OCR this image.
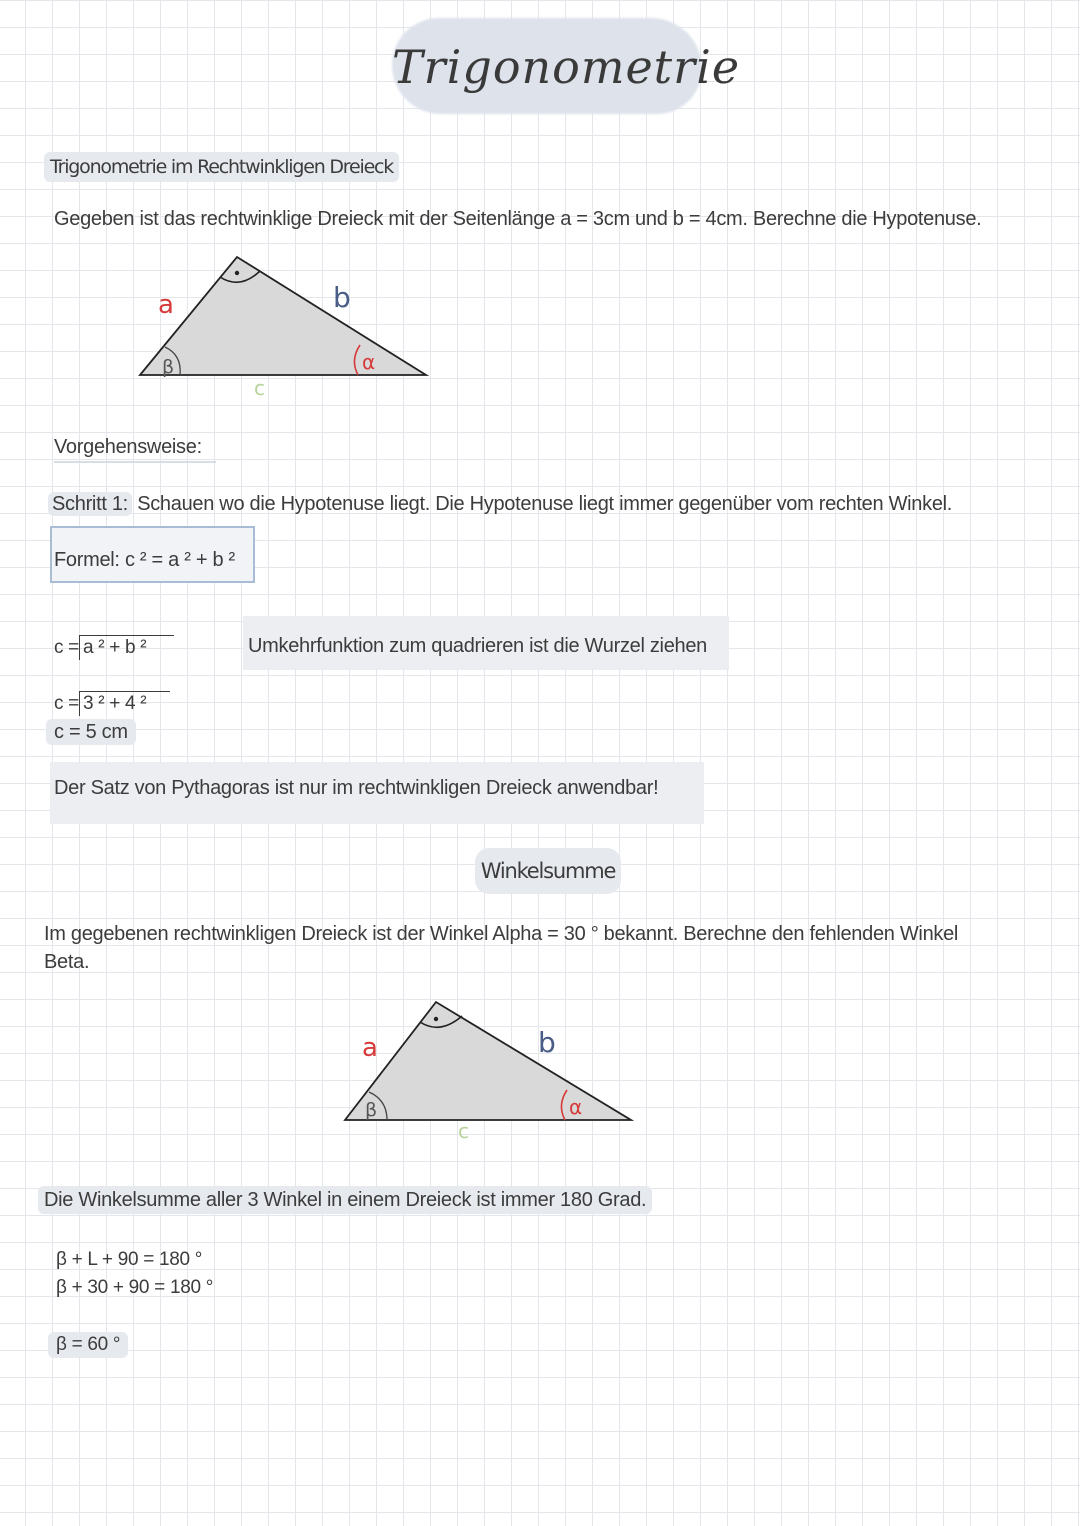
Trigonometrie
Trigonometrie im Rechtwinkligen Dreieck
Gegeben ist das rechtwinklige Dreieck mit der Seitenlänge a = 3cm und b = 4cm. Berechne die Hypotenuse.
a	b
β	α
c
Vorgehensweise:
Schritt 1: Schauen wo die Hypotenuse liegt. Die Hypotenuse liegt immer gegenüber vom rechten Winkel.
Formel: c ² = a ² + b ²
c = a ² + b ²	Umkehrfunktion zum quadrieren ist die Wurzel ziehen
c = 3 ² + 4 ²
c = 5 cm
Der Satz von Pythagoras ist nur im rechtwinkligen Dreieck anwendbar!
Winkelsumme
Im gegebenen rechtwinkligen Dreieck ist der Winkel Alpha = 30 ° bekannt. Berechne den fehlenden Winkel
Beta.
a	b
β	α
c
Die Winkelsumme aller 3 Winkel in einem Dreieck ist immer 180 Grad.
β + L + 90 = 180 °
β + 30 + 90 = 180 °
β = 60 °
